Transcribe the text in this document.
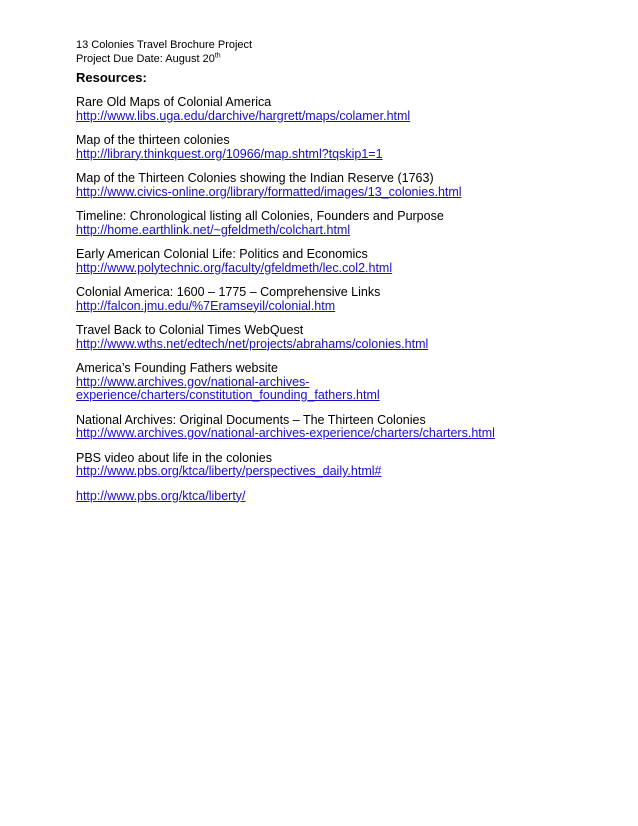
13 Colonies Travel Brochure Project
Project Due Date: August 20th
Resources:
Rare Old Maps of Colonial America
http://www.libs.uga.edu/darchive/hargrett/maps/colamer.html
Map of the thirteen colonies
http://library.thinkquest.org/10966/map.shtml?tqskip1=1
Map of the Thirteen Colonies showing the Indian Reserve (1763)
http://www.civics-online.org/library/formatted/images/13_colonies.html
Timeline: Chronological listing all Colonies, Founders and Purpose
http://home.earthlink.net/~gfeldmeth/colchart.html
Early American Colonial Life: Politics and Economics
http://www.polytechnic.org/faculty/gfeldmeth/lec.col2.html
Colonial America: 1600 – 1775 – Comprehensive Links
http://falcon.jmu.edu/%7Eramseyil/colonial.htm
Travel Back to Colonial Times WebQuest
http://www.wths.net/edtech/net/projects/abrahams/colonies.html
America’s Founding Fathers website
http://www.archives.gov/national-archives-
experience/charters/constitution_founding_fathers.html
National Archives: Original Documents – The Thirteen Colonies
http://www.archives.gov/national-archives-experience/charters/charters.html
PBS video about life in the colonies
http://www.pbs.org/ktca/liberty/perspectives_daily.html#
http://www.pbs.org/ktca/liberty/
